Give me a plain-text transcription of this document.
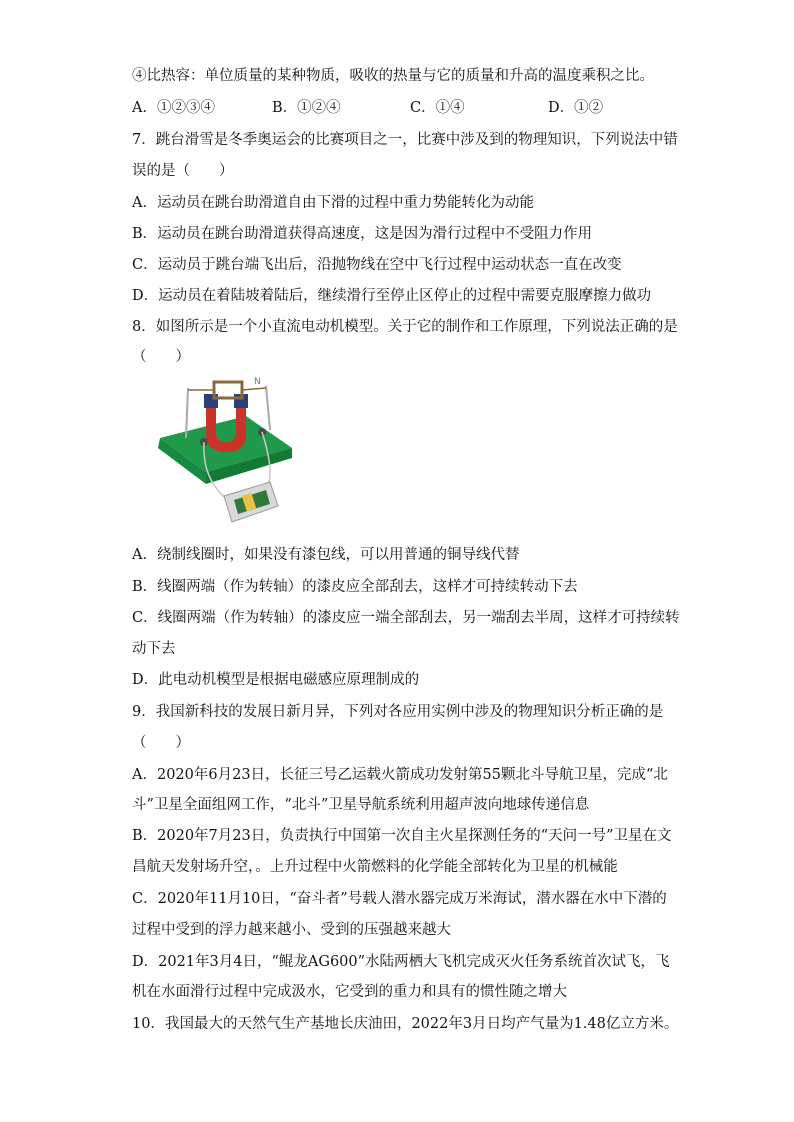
④比热容：单位质量的某种物质，吸收的热量与它的质量和升高的温度乘积之比。
A．①②③④	B．①②④	C．①④	D．①②
7．跳台滑雪是冬季奥运会的比赛项目之一，比赛中涉及到的物理知识，下列说法中错
误的是（　　）
A．运动员在跳台助滑道自由下滑的过程中重力势能转化为动能
B．运动员在跳台助滑道获得高速度，这是因为滑行过程中不受阻力作用
C．运动员于跳台端飞出后，沿抛物线在空中飞行过程中运动状态一直在改变
D．运动员在着陆坡着陆后，继续滑行至停止区停止的过程中需要克服摩擦力做功
8．如图所示是一个小直流电动机模型。关于它的制作和工作原理，下列说法正确的是
（　　）
N
A．绕制线圈时，如果没有漆包线，可以用普通的铜导线代替
B．线圈两端（作为转轴）的漆皮应全部刮去，这样才可持续转动下去
C．线圈两端（作为转轴）的漆皮应一端全部刮去，另一端刮去半周，这样才可持续转
动下去
D．此电动机模型是根据电磁感应原理制成的
9．我国新科技的发展日新月异，下列对各应用实例中涉及的物理知识分析正确的是
（　　）
A．2020年6月23日，长征三号乙运载火箭成功发射第55颗北斗导航卫星，完成“北
斗”卫星全面组网工作，“北斗”卫星导航系统利用超声波向地球传递信息
B．2020年7月23日，负责执行中国第一次自主火星探测任务的“天问一号”卫星在文
昌航天发射场升空，。上升过程中火箭燃料的化学能全部转化为卫星的机械能
C．2020年11月10日，“奋斗者”号载人潜水器完成万米海试，潜水器在水中下潜的
过程中受到的浮力越来越小、受到的压强越来越大
D．2021年3月4日，“鲲龙AG600”水陆两栖大飞机完成灭火任务系统首次试飞，飞
机在水面滑行过程中完成汲水，它受到的重力和具有的惯性随之增大
10．我国最大的天然气生产基地长庆油田，2022年3月日均产气量为1.48亿立方米。
